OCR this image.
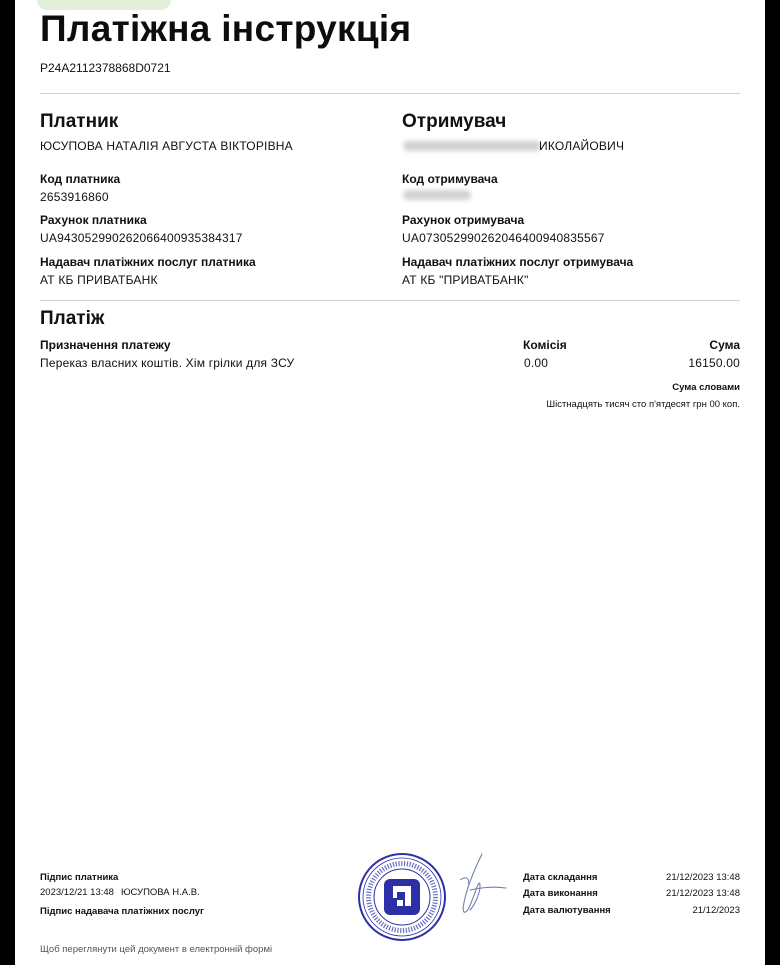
Платіжна інструкція
P24A2112378868D0721
Платник
ЮСУПОВА НАТАЛІЯ АВГУСТА ВІКТОРІВНА
Код платника
2653916860
Рахунок платника
UA943052990262066400935384317
Надавач платіжних послуг платника
АТ КБ ПРИВАТБАНК
Отримувач
ИКОЛАЙОВИЧ
Код отримувача
Рахунок отримувача
UA073052990262046400940835567
Надавач платіжних послуг отримувача
АТ КБ "ПРИВАТБАНК"
Платіж
Призначення платежу
Переказ власних коштів. Хім грілки для ЗСУ
Комісія
0.00
Сума
16150.00
Сума словами
Шістнадцять тисяч сто п'ятдесят грн 00 коп.
Підпис платника
2023/12/21 13:48 ЮСУПОВА Н.А.В.
Підпис надавача платіжних послуг
Дата складання	21/12/2023 13:48
Дата виконання	21/12/2023 13:48
Дата валютування	21/12/2023
Щоб переглянути цей документ в електронній формі
